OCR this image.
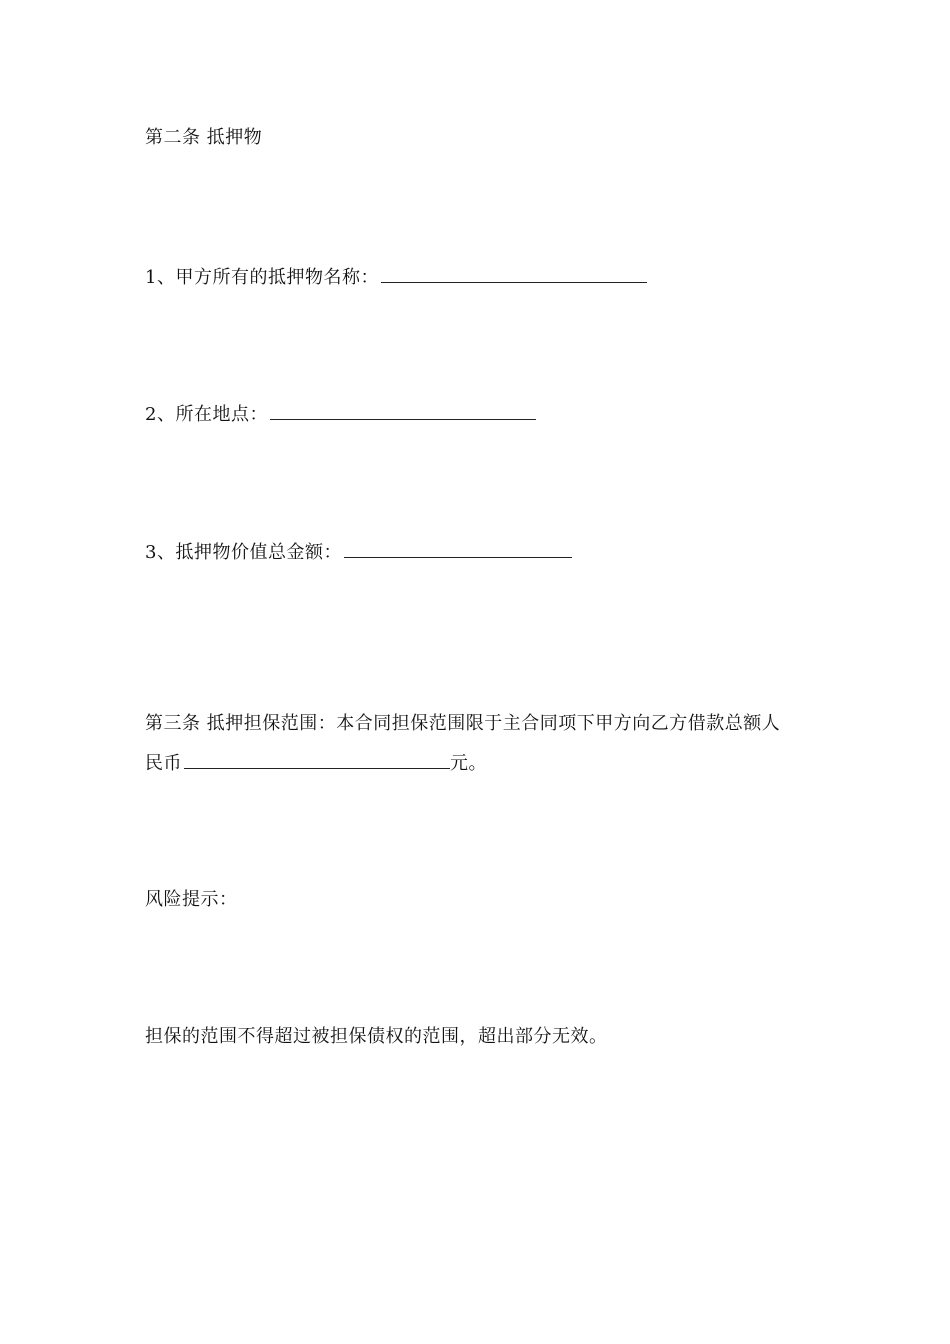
第二条 抵押物
1、甲方所有的抵押物名称：
2、所在地点：
3、抵押物价值总金额：
第三条 抵押担保范围：本合同担保范围限于主合同项下甲方向乙方借款总额人
民币	元。
风险提示：
担保的范围不得超过被担保债权的范围，超出部分无效。
